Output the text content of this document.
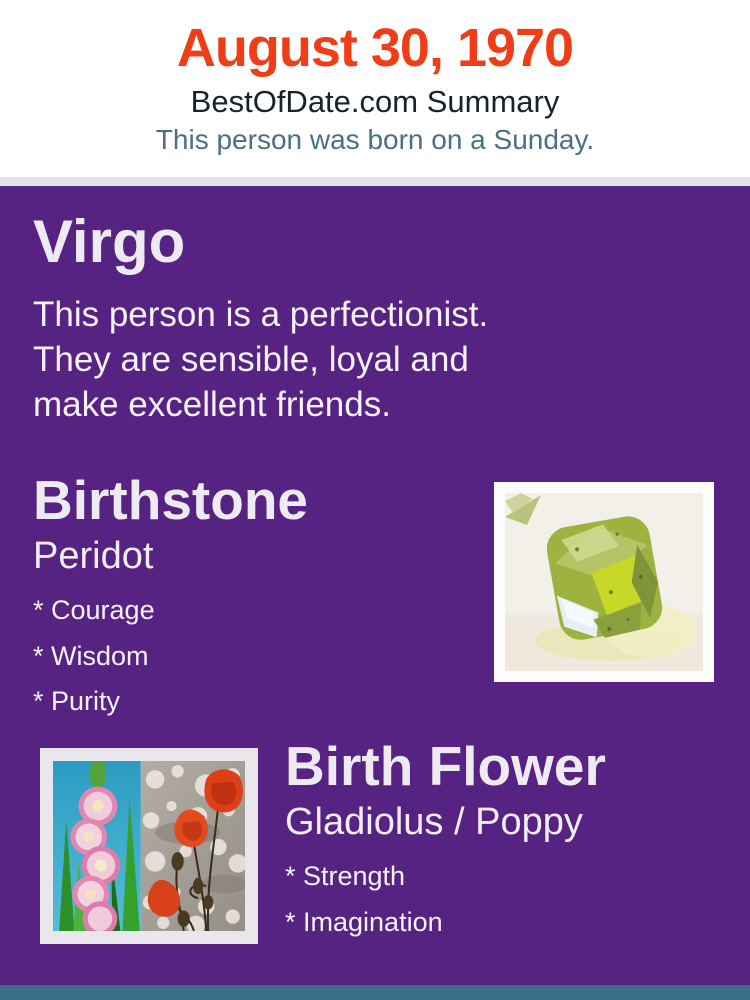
August 30, 1970
BestOfDate.com Summary
This person was born on a Sunday.
Virgo
This person is a perfectionist.
They are sensible, loyal and
make excellent friends.
Birthstone
Peridot
* Courage
* Wisdom
* Purity
Birth Flower
Gladiolus / Poppy
* Strength
* Imagination
